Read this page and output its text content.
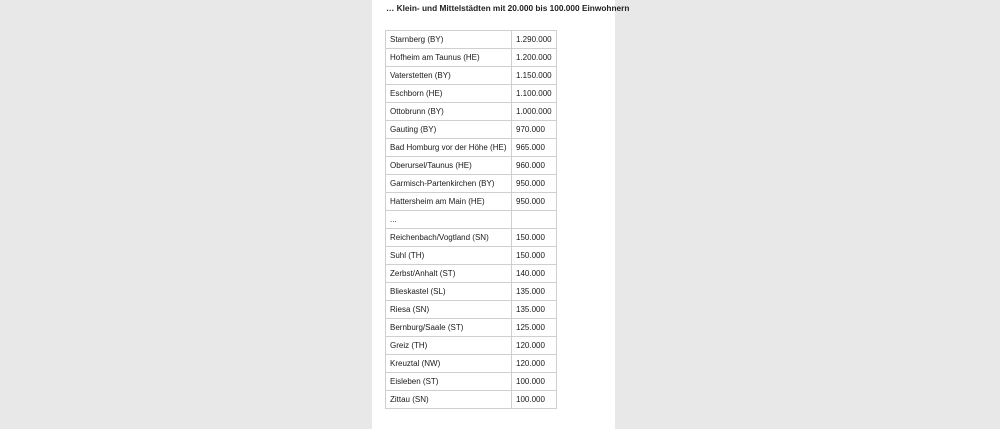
… Klein- und Mittelstädten mit 20.000 bis 100.000 Einwohnern
Starnberg (BY)	1.290.000
Hofheim am Taunus (HE)	1.200.000
Vaterstetten (BY)	1.150.000
Eschborn (HE)	1.100.000
Ottobrunn (BY)	1.000.000
Gauting (BY)	970.000
Bad Homburg vor der Höhe (HE)	965.000
Oberursel/Taunus (HE)	960.000
Garmisch-Partenkirchen (BY)	950.000
Hattersheim am Main (HE)	950.000
...	
Reichenbach/Vogtland (SN)	150.000
Suhl (TH)	150.000
Zerbst/Anhalt (ST)	140.000
Blieskastel (SL)	135.000
Riesa (SN)	135.000
Bernburg/Saale (ST)	125.000
Greiz (TH)	120.000
Kreuztal (NW)	120.000
Eisleben (ST)	100.000
Zittau (SN)	100.000
